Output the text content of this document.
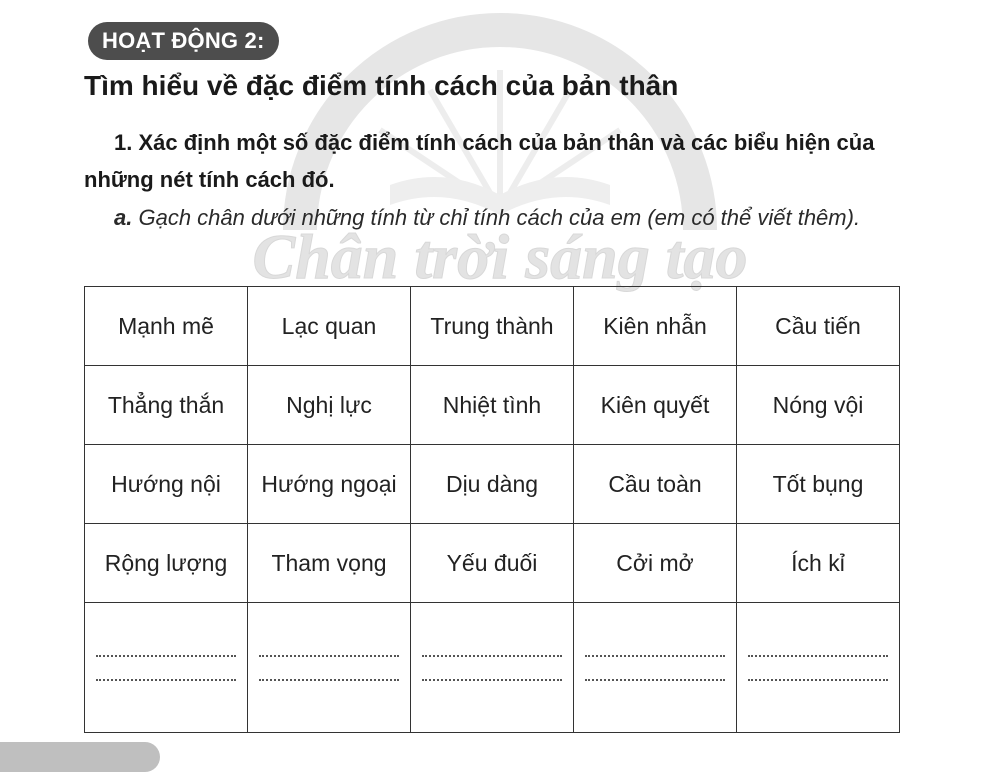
Chân trời sáng tạo
HOẠT ĐỘNG 2:
Tìm hiểu về đặc điểm tính cách của bản thân
1. Xác định một số đặc điểm tính cách của bản thân và các biểu hiện của những nét tính cách đó.
a. Gạch chân dưới những tính từ chỉ tính cách của em (em có thể viết thêm).
Mạnh mẽ	Lạc quan	Trung thành	Kiên nhẫn	Cầu tiến
Thẳng thắn	Nghị lực	Nhiệt tình	Kiên quyết	Nóng vội
Hướng nội	Hướng ngoại	Dịu dàng	Cầu toàn	Tốt bụng
Rộng lượng	Tham vọng	Yếu đuối	Cởi mở	Ích kỉ
